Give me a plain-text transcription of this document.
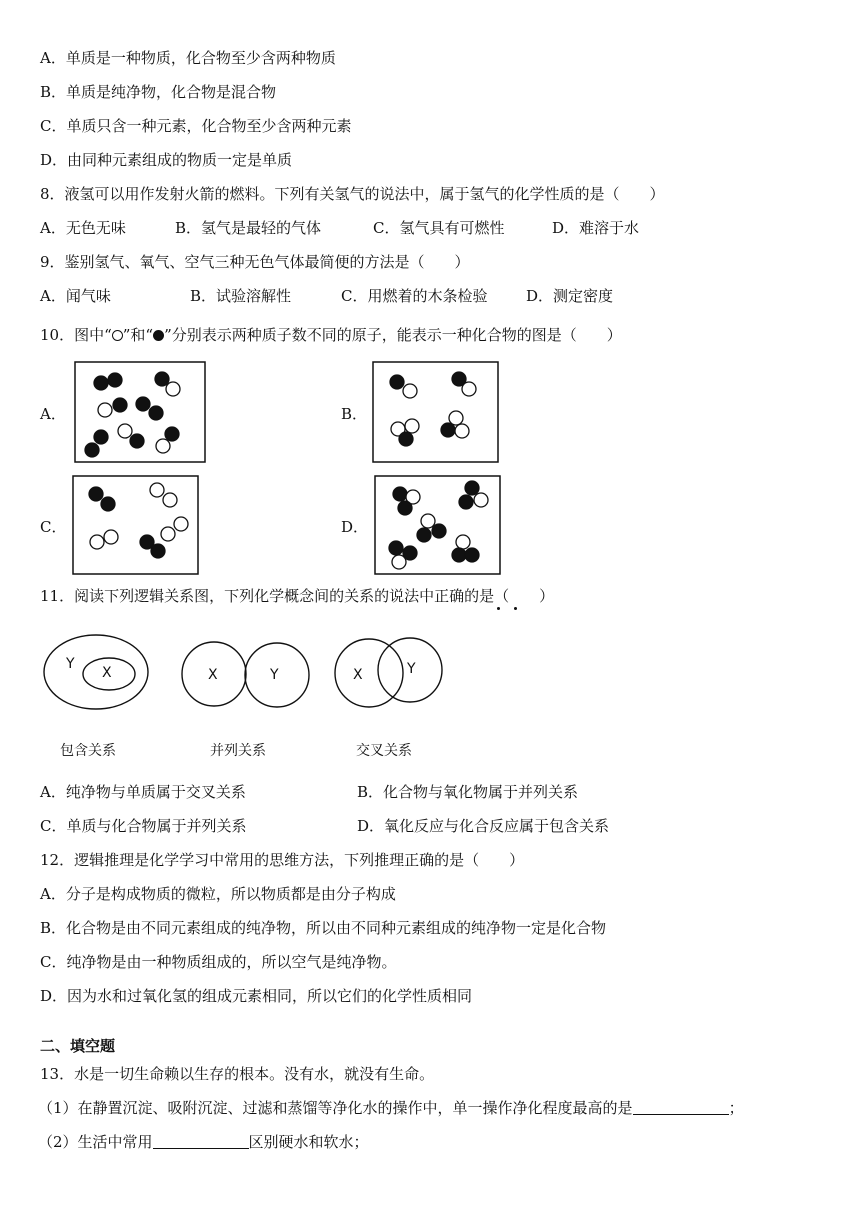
A．单质是一种物质，化合物至少含两种物质
B．单质是纯净物，化合物是混合物
C．单质只含一种元素，化合物至少含两种元素
D．由同种元素组成的物质一定是单质
8．液氢可以用作发射火箭的燃料。下列有关氢气的说法中，属于氢气的化学性质的是（　　）
A．无色无味	B．氢气是最轻的气体	C．氢气具有可燃性	D．难溶于水
9．鉴别氢气、氧气、空气三种无色气体最简便的方法是（　　）
A．闻气味	B．试验溶解性	C．用燃着的木条检验	D．测定密度
10．图中“ ”和“ ”分别表示两种质子数不同的原子，能表示一种化合物的图是（　　）
A．	B．
C．	D．
11．阅读下列逻辑关系图，下列化学概念间的关系的说法中正确的是（　　）
Y
X	X	Y	X	Y
包含关系	并列关系	交叉关系
A．纯净物与单质属于交叉关系	B．化合物与氧化物属于并列关系
C．单质与化合物属于并列关系	D．氧化反应与化合反应属于包含关系
12．逻辑推理是化学学习中常用的思维方法，下列推理正确的是（　　）
A．分子是构成物质的微粒，所以物质都是由分子构成
B．化合物是由不同元素组成的纯净物，所以由不同种元素组成的纯净物一定是化合物
C．纯净物是由一种物质组成的，所以空气是纯净物。
D．因为水和过氧化氢的组成元素相同，所以它们的化学性质相同
二、填空题
13．水是一切生命赖以生存的根本。没有水，就没有生命。
（1）在静置沉淀、吸附沉淀、过滤和蒸馏等净化水的操作中，单一操作净化程度最高的是	；
（2）生活中常用	区别硬水和软水；
